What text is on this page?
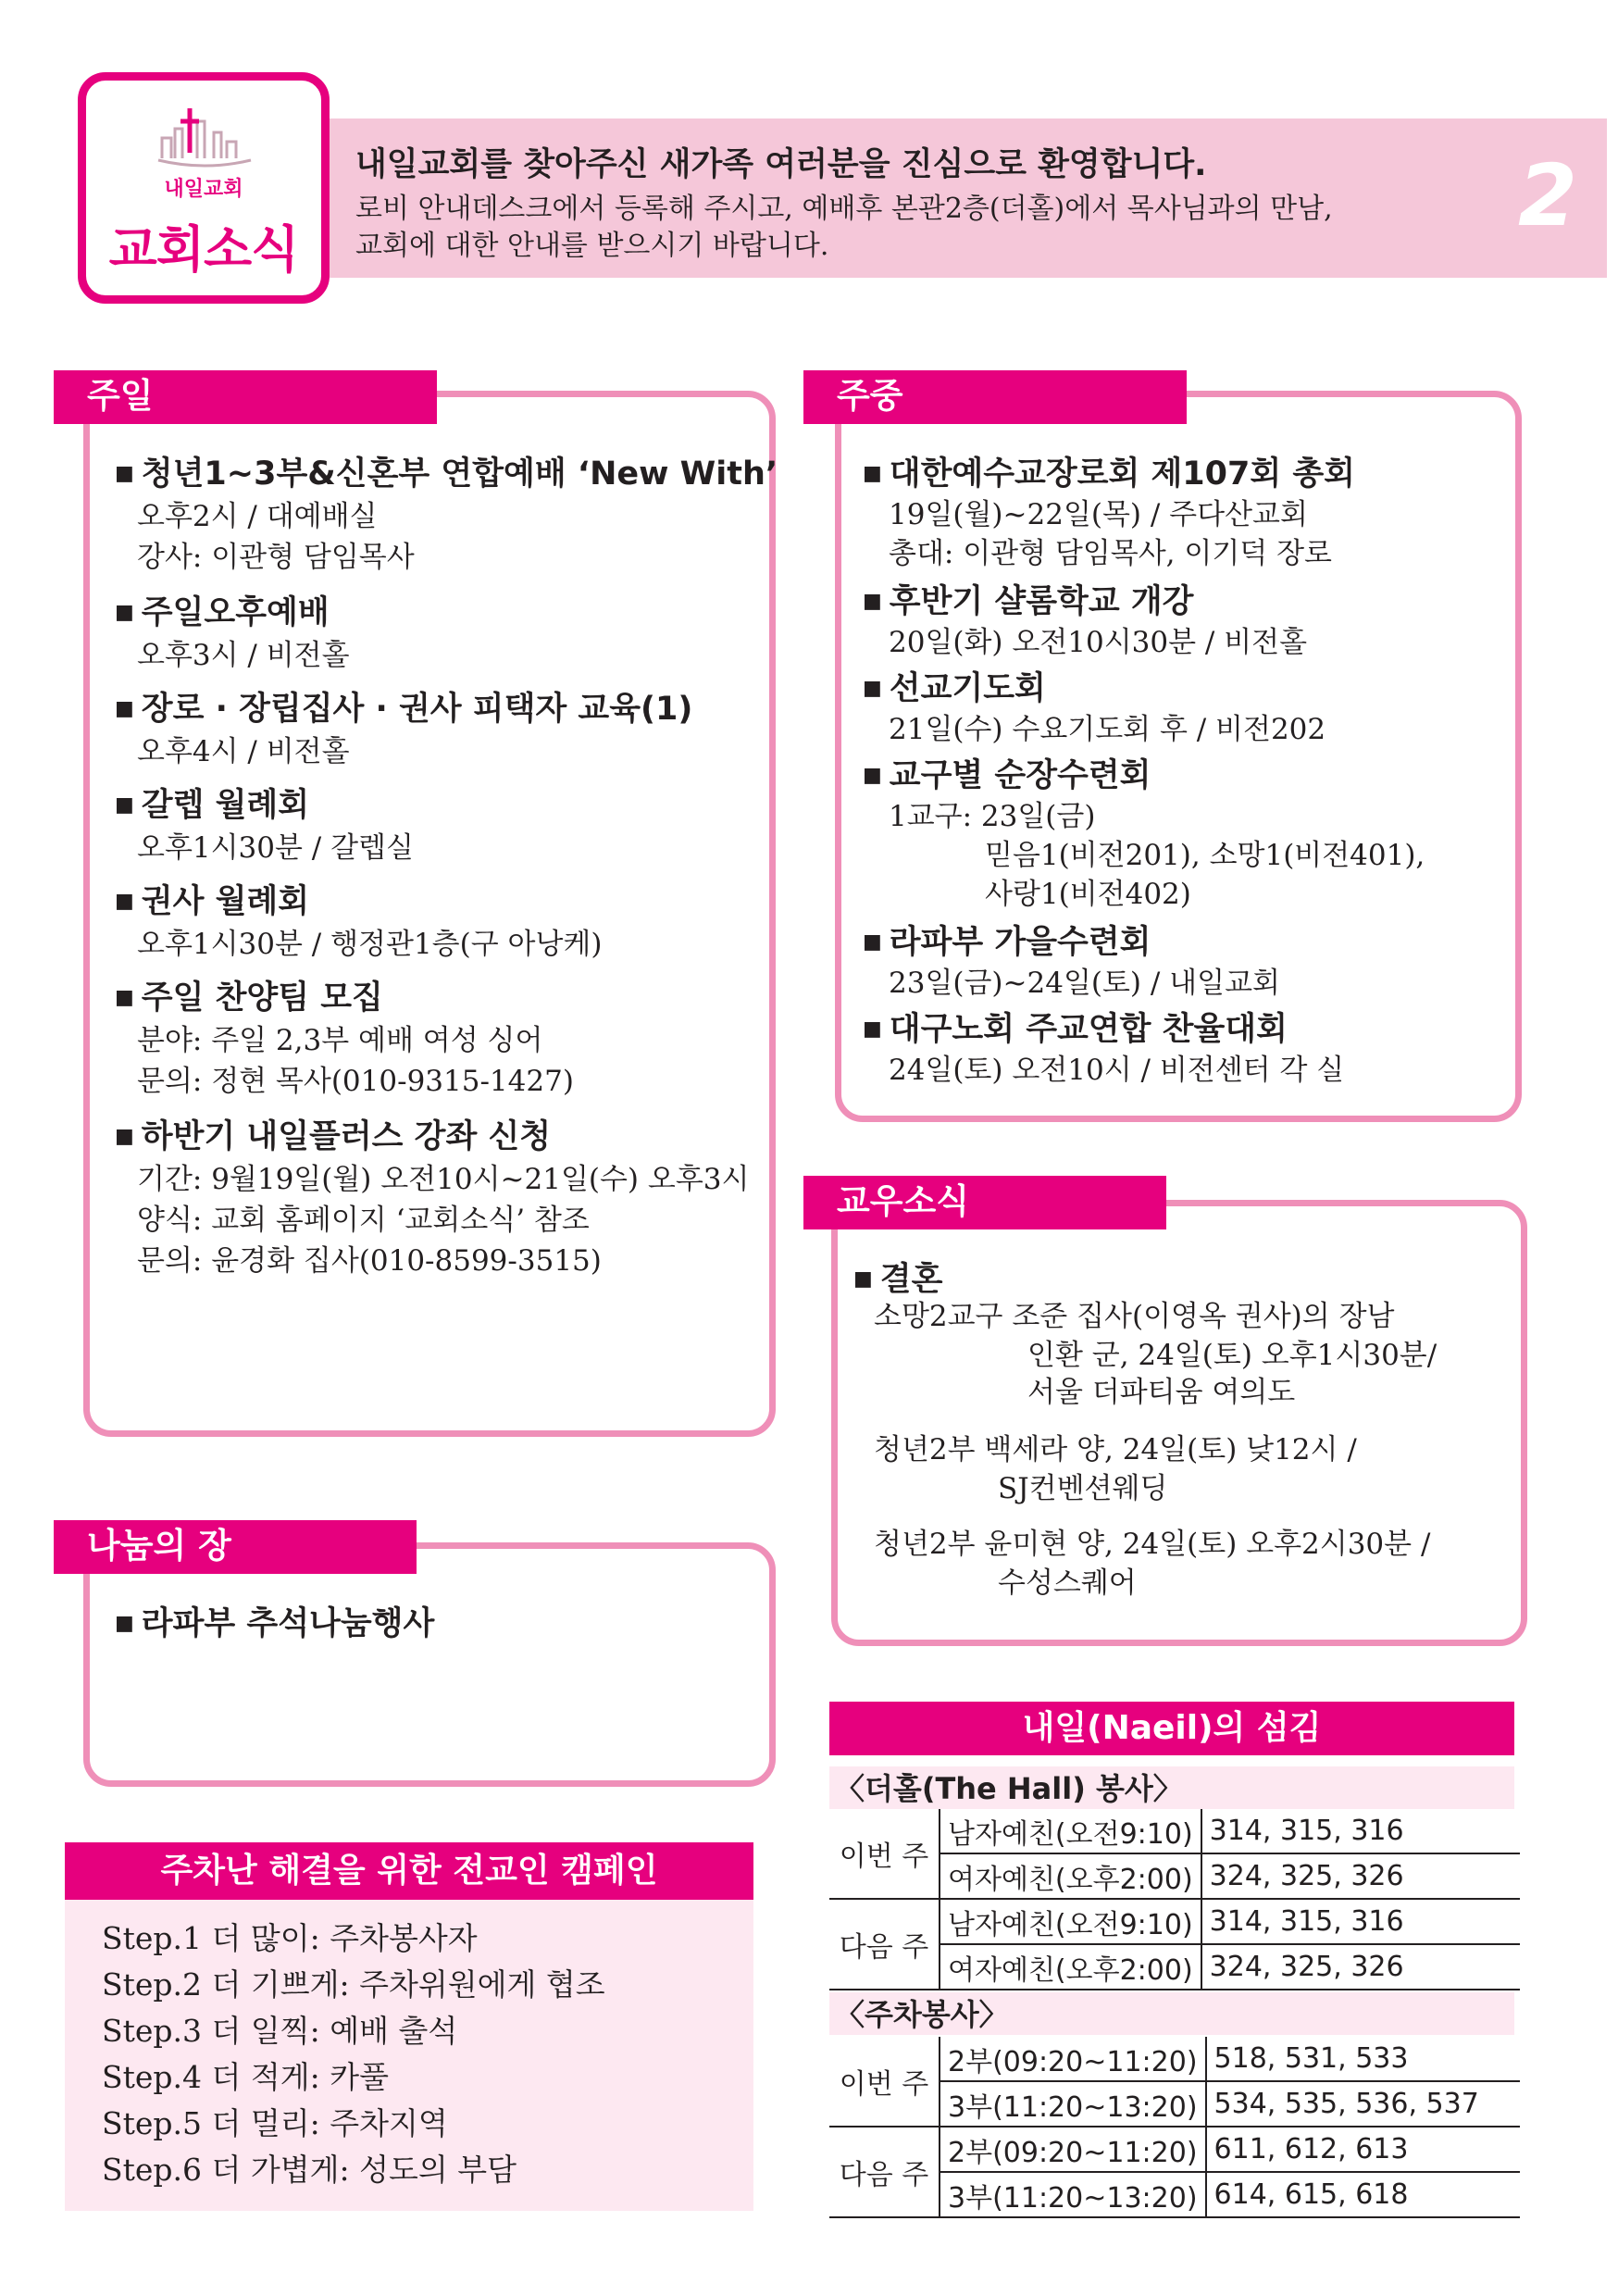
내일교회를 찾아주신 새가족 여러분을 진심으로 환영합니다.
로비 안내데스크에서 등록해 주시고, 예배후 본관2층(더홀)에서 목사님과의 만남,
교회에 대한 안내를 받으시기 바랍니다.
2
내일교회
교회소식
주일
■ 청년1~3부&신혼부 연합예배 ‘New With’
오후2시 / 대예배실
강사: 이관형 담임목사
■ 주일오후예배
오후3시 / 비전홀
■ 장로 · 장립집사 · 권사 피택자 교육(1)
오후4시 / 비전홀
■ 갈렙 월례회
오후1시30분 / 갈렙실
■ 권사 월례회
오후1시30분 / 행정관1층(구 아낭케)
■ 주일 찬양팀 모집
분야: 주일 2,3부 예배 여성 싱어
문의: 정현 목사(010-9315-1427)
■ 하반기 내일플러스 강좌 신청
기간: 9월19일(월) 오전10시~21일(수) 오후3시
양식: 교회 홈페이지 ‘교회소식’ 참조
문의: 윤경화 집사(010-8599-3515)
주중
■ 대한예수교장로회 제107회 총회
19일(월)~22일(목) / 주다산교회
총대: 이관형 담임목사, 이기덕 장로
■ 후반기 샬롬학교 개강
20일(화) 오전10시30분 / 비전홀
■ 선교기도회
21일(수) 수요기도회 후 / 비전202
■ 교구별 순장수련회
1교구: 23일(금)
믿음1(비전201), 소망1(비전401),
사랑1(비전402)
■ 라파부 가을수련회
23일(금)~24일(토) / 내일교회
■ 대구노회 주교연합 찬율대회
24일(토) 오전10시 / 비전센터 각 실
교우소식
■ 결혼
소망2교구 조준 집사(이영옥 권사)의 장남
인환 군, 24일(토) 오후1시30분/
서울 더파티움 여의도
청년2부 백세라 양, 24일(토) 낮12시 /
SJ컨벤션웨딩
청년2부 윤미현 양, 24일(토) 오후2시30분 /
수성스퀘어
나눔의 장
■ 라파부 추석나눔행사
주차난 해결을 위한 전교인 캠페인
Step.1 더 많이: 주차봉사자
Step.2 더 기쁘게: 주차위원에게 협조
Step.3 더 일찍: 예배 출석
Step.4 더 적게: 카풀
Step.5 더 멀리: 주차지역
Step.6 더 가볍게: 성도의 부담
내일(Naeil)의 섬김
〈더홀(The Hall) 봉사〉
이번 주	남자예친(오전9:10)	314, 315, 316
	여자예친(오후2:00)	324, 325, 326
다음 주	남자예친(오전9:10)	314, 315, 316
	여자예친(오후2:00)	324, 325, 326
〈주차봉사〉
이번 주	2부(09:20~11:20)	518, 531, 533
	3부(11:20~13:20)	534, 535, 536, 537
다음 주	2부(09:20~11:20)	611, 612, 613
	3부(11:20~13:20)	614, 615, 618
